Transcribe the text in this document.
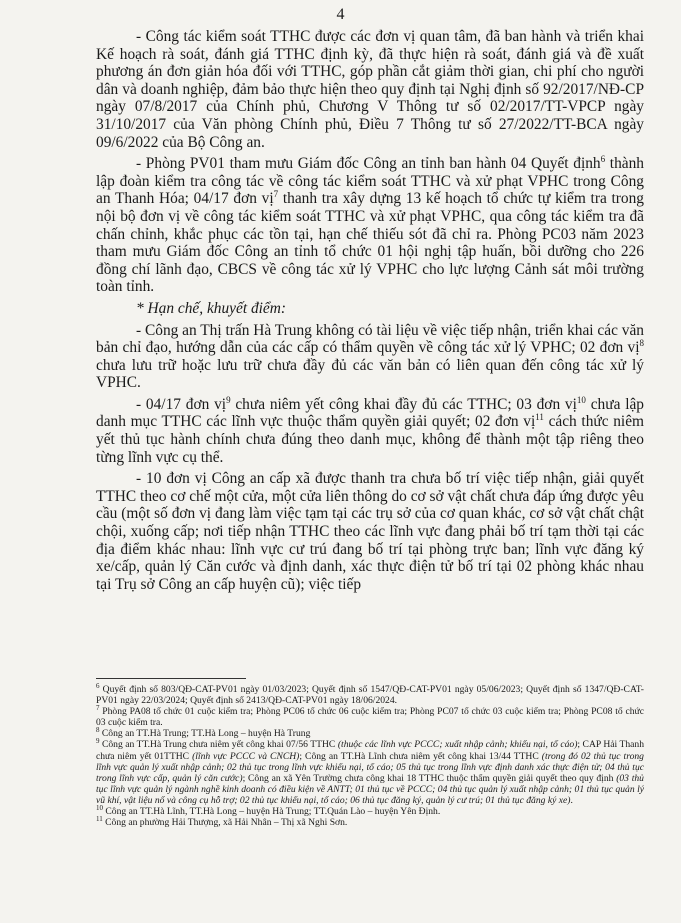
4

- Công tác kiểm soát TTHC được các đơn vị quan tâm, đã ban hành và triển khai Kế hoạch rà soát, đánh giá TTHC định kỳ, đã thực hiện rà soát, đánh giá và đề xuất phương án đơn giản hóa đối với TTHC, góp phần cắt giảm thời gian, chi phí cho người dân và doanh nghiệp, đảm bảo thực hiện theo quy định tại Nghị định số 92/2017/NĐ-CP ngày 07/8/2017 của Chính phủ, Chương V Thông tư số 02/2017/TT-VPCP ngày 31/10/2017 của Văn phòng Chính phủ, Điều 7 Thông tư số 27/2022/TT-BCA ngày 09/6/2022 của Bộ Công an.

- Phòng PV01 tham mưu Giám đốc Công an tỉnh ban hành 04 Quyết định$^6$ thành lập đoàn kiểm tra công tác về công tác kiểm soát TTHC và xử phạt VPHC trong Công an Thanh Hóa; 04/17 đơn vị$^7$ thanh tra xây dựng 13 kế hoạch tổ chức tự kiểm tra trong nội bộ đơn vị về công tác kiểm soát TTHC và xử phạt VPHC, qua công tác kiểm tra đã chấn chỉnh, khắc phục các tồn tại, hạn chế thiếu sót đã chỉ ra. Phòng PC03 năm 2023 tham mưu Giám đốc Công an tỉnh tổ chức 01 hội nghị tập huấn, bồi dưỡng cho 226 đồng chí lãnh đạo, CBCS về công tác xử lý VPHC cho lực lượng Cảnh sát môi trường toàn tỉnh.

* Hạn chế, khuyết điểm:

- Công an Thị trấn Hà Trung không có tài liệu về việc tiếp nhận, triển khai các văn bản chỉ đạo, hướng dẫn của các cấp có thẩm quyền về công tác xử lý VPHC; 02 đơn vị$^8$ chưa lưu trữ hoặc lưu trữ chưa đầy đủ các văn bản có liên quan đến công tác xử lý VPHC.

- 04/17 đơn vị$^9$ chưa niêm yết công khai đầy đủ các TTHC; 03 đơn vị$^{10}$ chưa lập danh mục TTHC các lĩnh vực thuộc thẩm quyền giải quyết; 02 đơn vị$^{11}$ cách thức niêm yết thủ tục hành chính chưa đúng theo danh mục, không để thành một tập riêng theo từng lĩnh vực cụ thể.

- 10 đơn vị Công an cấp xã được thanh tra chưa bố trí việc tiếp nhận, giải quyết TTHC theo cơ chế một cửa, một cửa liên thông do cơ sở vật chất chưa đáp ứng được yêu cầu (một số đơn vị đang làm việc tạm tại các trụ sở của cơ quan khác, cơ sở vật chất chật chội, xuống cấp; nơi tiếp nhận TTHC theo các lĩnh vực đang phải bố trí tạm thời tại các địa điểm khác nhau: lĩnh vực cư trú đang bố trí tại phòng trực ban; lĩnh vực đăng ký xe/cấp, quản lý Căn cước và định danh, xác thực điện tử bố trí tại 02 phòng khác nhau tại Trụ sở Công an cấp huyện cũ); việc tiếp

$^6$ Quyết định số 803/QĐ-CAT-PV01 ngày 01/03/2023; Quyết định số 1547/QĐ-CAT-PV01 ngày 05/06/2023; Quyết định số 1347/QĐ-CAT-PV01 ngày 22/03/2024; Quyết định số 2413/QĐ-CAT-PV01 ngày 18/06/2024.

$^7$ Phòng PA08 tổ chức 01 cuộc kiểm tra; Phòng PC06 tổ chức 06 cuộc kiểm tra; Phòng PC07 tổ chức 03 cuộc kiểm tra; Phòng PC08 tổ chức 03 cuộc kiểm tra.

$^8$ Công an TT.Hà Trung; TT.Hà Long – huyện Hà Trung

$^9$ Công an TT.Hà Trung chưa niêm yết công khai 07/56 TTHC (thuộc các lĩnh vực PCCC; xuất nhập cảnh; khiếu nại, tố cáo); CAP Hải Thanh chưa niêm yết 01TTHC (lĩnh vực PCCC và CNCH); Công an TT.Hà Lĩnh chưa niêm yết công khai 13/44 TTHC (trong đó 02 thủ tục trong lĩnh vực quản lý xuất nhập cảnh; 02 thủ tục trong lĩnh vực khiếu nại, tố cáo; 05 thủ tục trong lĩnh vực định danh xác thực điện tử; 04 thủ tục trong lĩnh vực cấp, quản lý căn cước); Công an xã Yên Trường chưa công khai 18 TTHC thuộc thẩm quyền giải quyết theo quy định (03 thủ tục lĩnh vực quản lý ngành nghề kinh doanh có điều kiện về ANTT; 01 thủ tục về PCCC; 04 thủ tục quản lý xuất nhập cảnh; 01 thủ tục quản lý vũ khí, vật liệu nổ và công cụ hỗ trợ; 02 thủ tục khiếu nại, tố cáo; 06 thủ tục đăng ký, quản lý cư trú; 01 thủ tục đăng ký xe).

$^{10}$ Công an TT.Hà Lĩnh, TT.Hà Long – huyện Hà Trung; TT.Quán Lào – huyện Yên Định.

$^{11}$ Công an phường Hải Thượng, xã Hải Nhân – Thị xã Nghi Sơn.
